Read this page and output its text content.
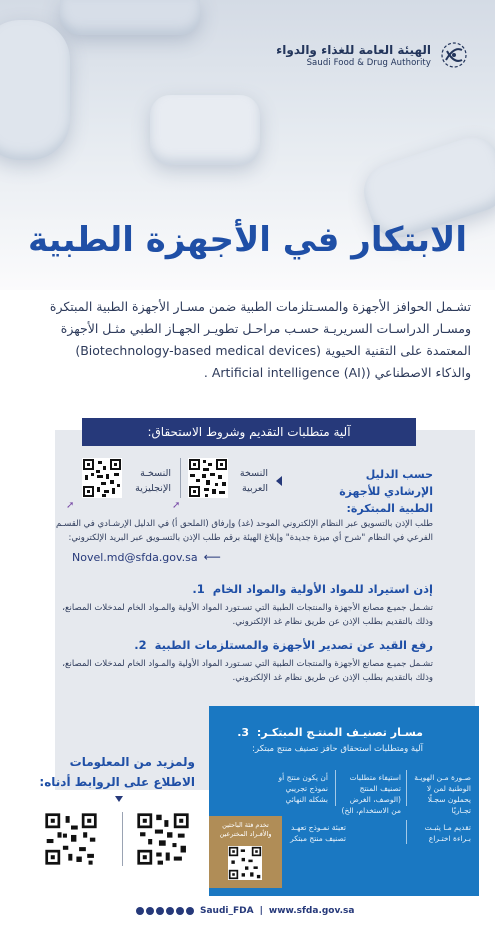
الهيئة العامة للغذاء والدواء
Saudi Food & Drug Authority
الابتكار في الأجهزة الطبية
تشـمل الحوافز الأجهزة والمسـتلزمات الطبية ضمن مسـار الأجهزة الطبية المبتكرة
ومسـار الدراسـات السريريـة حسـب مراحـل تطويـر الجهـاز الطبي مثـل الأجهزة
المعتمدة على التقنية الحيوية (Biotechnology-based medical devices)
والذكاء الاصطناعي ((Artificial intelligence (AI .
آلية متطلبات التقديم وشروط الاستحقاق:
حسب الدليل الإرشادي للأجهزة الطبية المبتكرة:
النسخة العربية
النسخـة الإنجليزية
➚	➚
طلب الإذن بالتسويق عبر النظام الإلكتروني الموحد (غد) وإرفاق (الملحق أ) في الدليل الإرشـادي في القسـم
الفرعي في النظام "شرح أي ميزة جديدة" وإبلاغ الهيئة برقم طلب الإذن بالتسـويق عبر البريد الإلكتروني:
Novel.md@sfda.gov.sa ⟵
إذن استيراد للمواد الأولية والمواد الخام 1.
تشـمل جميـع مصانع الأجهزة والمنتجات الطبية التي تسـتورد المواد الأولية والمـواد الخام لمدخلات المصانع،
وذلك بالتقديم بطلب الإذن عن طريق نظام غد الإلكتروني.
رفع القيد عن تصدير الأجهزة والمستلزمات الطبية 2.
تشـمل جميـع مصانع الأجهزة والمنتجات الطبية التي تسـتورد المواد الأولية والمـواد الخام لمدخلات المصانع،
وذلك بالتقديم بطلب الإذن عن طريق نظام غد الإلكتروني.
مسـار تصنيـف المنتـج المبتكـر: 3.
آلية ومتطلبات استحقاق حافز تصنيف منتج مبتكر:
صـورة مـن الهويـة الوطنية لمن لا يحملون سجـلًا تجـاريًا
استيفاء متطلبات تصنيف المنتج (الوصف، الغرض من الاستخدام، الخ)
أن يكون منتج أو نموذج تجريبي بشكله النهائي
تقديم مـا يثبـت بـراءة اختـراع
تعبئة نمـوذج تعهـد تصنيف منتج مبتكر
تخدم فئة الباحثين والأفـراد المخترعين
ولمزيد من المعلومات
الاطلاع على الروابط أدناه:
Saudi_FDA | www.sfda.gov.sa
